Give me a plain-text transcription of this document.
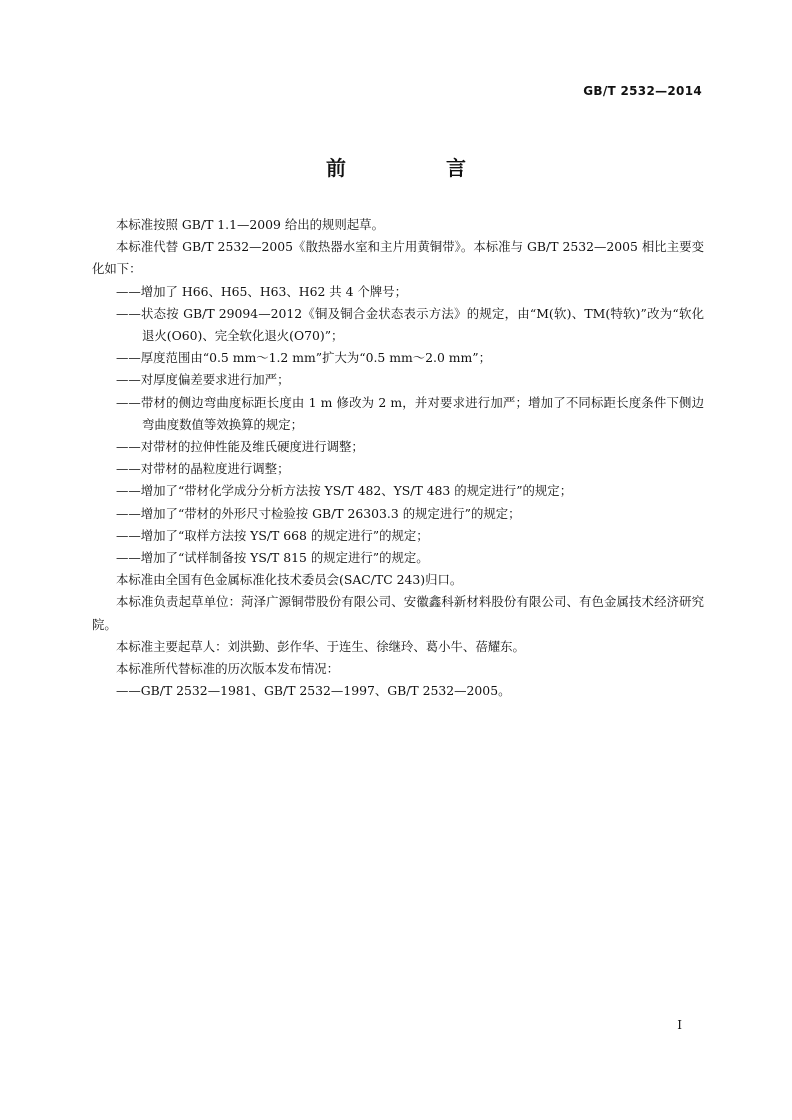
GB/T 2532—2014
前　言

本标准按照 GB/T 1.1—2009 给出的规则起草。

本标准代替 GB/T 2532—2005《散热器水室和主片用黄铜带》。本标准与 GB/T 2532—2005 相比主要变化如下：

——增加了 H66、H65、H63、H62 共 4 个牌号；

——状态按 GB/T 29094—2012《铜及铜合金状态表示方法》的规定，由“M(软)、TM(特软)”改为“软化退火(O60)、完全软化退火(O70)”；

——厚度范围由“0.5 mm～1.2 mm”扩大为“0.5 mm～2.0 mm”；

——对厚度偏差要求进行加严；

——带材的侧边弯曲度标距长度由 1 m 修改为 2 m，并对要求进行加严；增加了不同标距长度条件下侧边弯曲度数值等效换算的规定；

——对带材的拉伸性能及维氏硬度进行调整；

——对带材的晶粒度进行调整；

——增加了“带材化学成分分析方法按 YS/T 482、YS/T 483 的规定进行”的规定；

——增加了“带材的外形尺寸检验按 GB/T 26303.3 的规定进行”的规定；

——增加了“取样方法按 YS/T 668 的规定进行”的规定；

——增加了“试样制备按 YS/T 815 的规定进行”的规定。

本标准由全国有色金属标准化技术委员会(SAC/TC 243)归口。

本标准负责起草单位：菏泽广源铜带股份有限公司、安徽鑫科新材料股份有限公司、有色金属技术经济研究院。

本标准主要起草人：刘洪勤、彭作华、于连生、徐继玲、葛小牛、蓓耀东。

本标准所代替标准的历次版本发布情况：

——GB/T 2532—1981、GB/T 2532—1997、GB/T 2532—2005。

I
